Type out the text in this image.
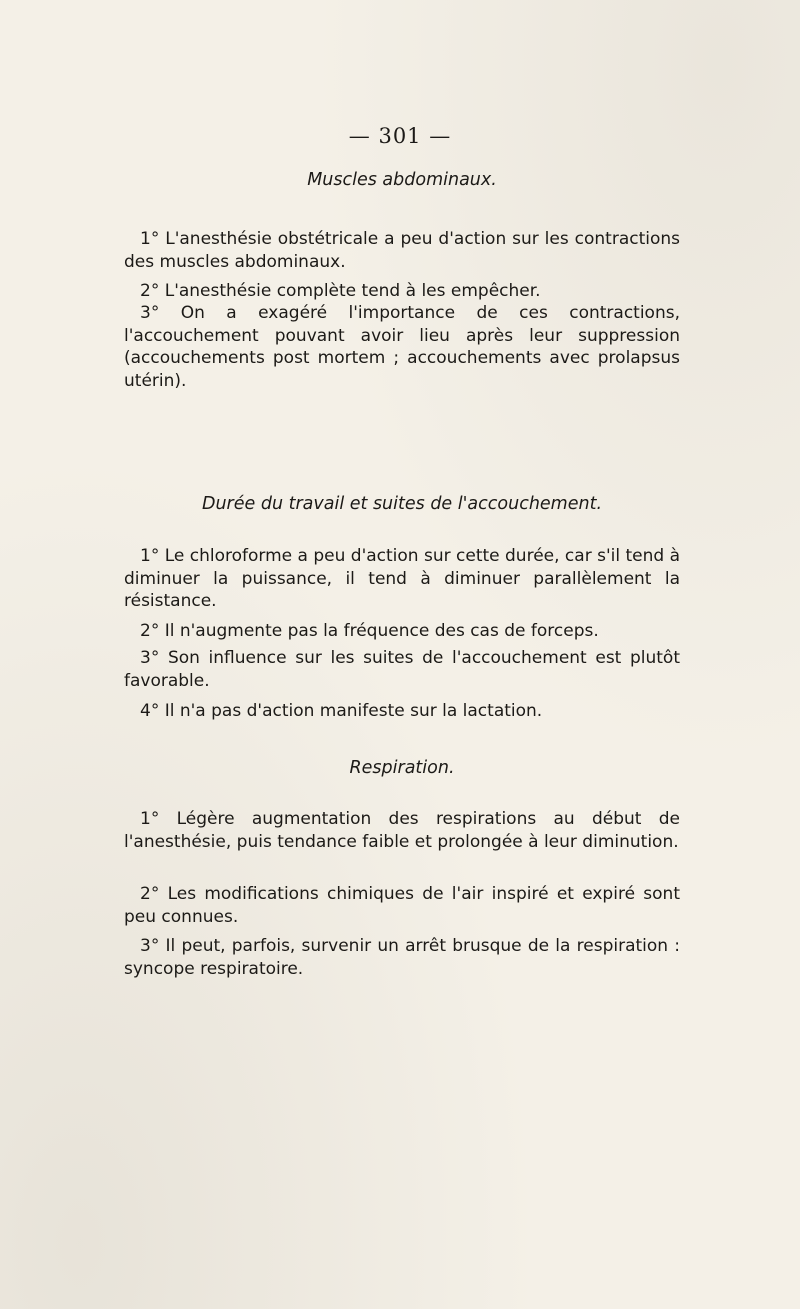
— 301 —
Muscles abdominaux.

1° L'anesthésie obstétricale a peu d'action sur les contractions des muscles abdominaux.

2° L'anesthésie complète tend à les empêcher.

3° On a exagéré l'importance de ces contractions, l'accouchement pouvant avoir lieu après leur suppression (accouchements post mortem ; accouchements avec prolapsus utérin).

Durée du travail et suites de l'accouchement.

1° Le chloroforme a peu d'action sur cette durée, car s'il tend à diminuer la puissance, il tend à diminuer parallèlement la résistance.

2° Il n'augmente pas la fréquence des cas de forceps.

3° Son influence sur les suites de l'accouchement est plutôt favorable.

4° Il n'a pas d'action manifeste sur la lactation.

Respiration.

1° Légère augmentation des respirations au début de l'anesthésie, puis tendance faible et prolongée à leur diminution.

2° Les modifications chimiques de l'air inspiré et expiré sont peu connues.

3° Il peut, parfois, survenir un arrêt brusque de la respiration : syncope respiratoire.
